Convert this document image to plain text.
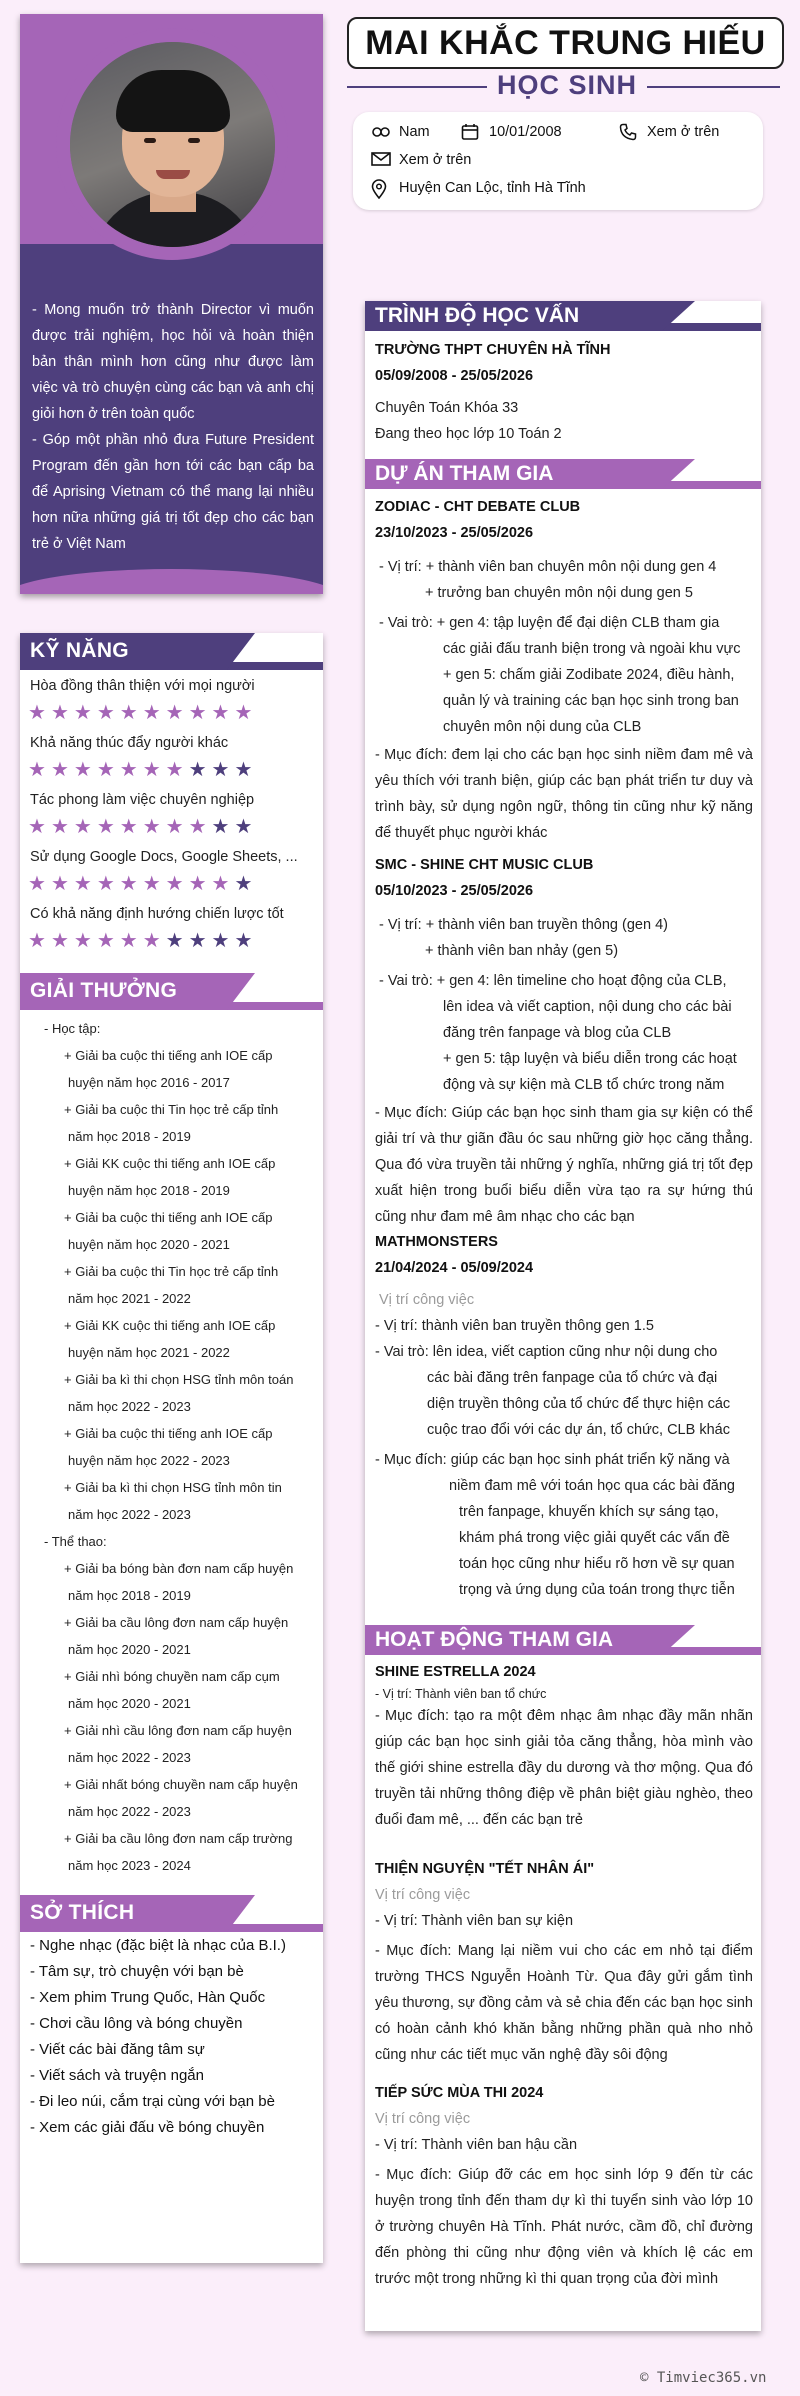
- Mong muốn trở thành Director vì muốn được trải nghiệm, học hỏi và hoàn thiện bản thân mình hơn cũng như được làm việc và trò chuyện cùng các bạn và anh chị giỏi hơn ở trên toàn quốc

- Góp một phần nhỏ đưa Future President Program đến gần hơn tới các bạn cấp ba để Aprising Vietnam có thể mang lại nhiều hơn nữa những giá trị tốt đẹp cho các bạn trẻ ở Việt Nam

KỸ NĂNG
Hòa đồng thân thiện với mọi người
★★★★★★★★★★
Khả năng thúc đẩy người khác
★★★★★★★★★★
Tác phong làm việc chuyên nghiệp
★★★★★★★★★★
Sử dụng Google Docs, Google Sheets, ...
★★★★★★★★★★
Có khả năng định hướng chiến lược tốt
★★★★★★★★★★
GIẢI THƯỞNG
- Học tập:
+ Giải ba cuộc thi tiếng anh IOE cấp
huyện năm học 2016 - 2017
+ Giải ba cuộc thi Tin học trẻ cấp tỉnh
năm học 2018 - 2019
+ Giải KK cuộc thi tiếng anh IOE cấp
huyện năm học 2018 - 2019
+ Giải ba cuộc thi tiếng anh IOE cấp
huyện năm học 2020 - 2021
+ Giải ba cuộc thi Tin học trẻ cấp tỉnh
năm học 2021 - 2022
+ Giải KK cuộc thi tiếng anh IOE cấp
huyện năm học 2021 - 2022
+ Giải ba kì thi chọn HSG tỉnh môn toán
năm học 2022 - 2023
+ Giải ba cuộc thi tiếng anh IOE cấp
huyện năm học 2022 - 2023
+ Giải ba kì thi chọn HSG tỉnh môn tin
năm học 2022 - 2023
- Thể thao:
+ Giải ba bóng bàn đơn nam cấp huyện
năm học 2018 - 2019
+ Giải ba cầu lông đơn nam cấp huyện
năm học 2020 - 2021
+ Giải nhì bóng chuyền nam cấp cụm
năm học 2020 - 2021
+ Giải nhì cầu lông đơn nam cấp huyện
năm học 2022 - 2023
+ Giải nhất bóng chuyền nam cấp huyện
năm học 2022 - 2023
+ Giải ba cầu lông đơn nam cấp trường
năm học 2023 - 2024
SỞ THÍCH
- Nghe nhạc (đặc biệt là nhạc của B.I.)
- Tâm sự, trò chuyện với bạn bè
- Xem phim Trung Quốc, Hàn Quốc
- Chơi cầu lông và bóng chuyền
- Viết các bài đăng tâm sự
- Viết sách và truyện ngắn
- Đi leo núi, cắm trại cùng với bạn bè
- Xem các giải đấu về bóng chuyền
MAI KHẮC TRUNG HIẾU
HỌC SINH
Nam	10/01/2008	Xem ở trên
Xem ở trên
Huyện Can Lộc, tỉnh Hà Tĩnh
TRÌNH ĐỘ HỌC VẤN

TRƯỜNG THPT CHUYÊN HÀ TĨNH

05/09/2008 - 25/05/2026

Chuyên Toán Khóa 33

Đang theo học lớp 10 Toán 2

DỰ ÁN THAM GIA

ZODIAC - CHT DEBATE CLUB

23/10/2023 - 25/05/2026

- Vị trí: + thành viên ban chuyên môn nội dung gen 4

+ trưởng ban chuyên môn nội dung gen 5

- Vai trò: + gen 4: tập luyện để đại diện CLB tham gia

các giải đấu tranh biện trong và ngoài khu vực

+ gen 5: chấm giải Zodibate 2024, điều hành,

quản lý và training các bạn học sinh trong ban

chuyên môn nội dung của CLB

- Mục đích: đem lại cho các bạn học sinh niềm đam mê và yêu thích với tranh biện, giúp các bạn phát triển tư duy và trình bày, sử dụng ngôn ngữ, thông tin cũng như kỹ năng để thuyết phục người khác

SMC - SHINE CHT MUSIC CLUB

05/10/2023 - 25/05/2026

- Vị trí: + thành viên ban truyền thông (gen 4)

+ thành viên ban nhảy (gen 5)

- Vai trò: + gen 4: lên timeline cho hoạt động của CLB,

lên idea và viết caption, nội dung cho các bài

đăng trên fanpage và blog của CLB

+ gen 5: tập luyện và biểu diễn trong các hoạt

động và sự kiện mà CLB tổ chức trong năm

- Mục đích: Giúp các bạn học sinh tham gia sự kiện có thể giải trí và thư giãn đầu óc sau những giờ học căng thẳng. Qua đó vừa truyền tải những ý nghĩa, những giá trị tốt đẹp xuất hiện trong buổi biểu diễn vừa tạo ra sự hứng thú cũng như đam mê âm nhạc cho các bạn

MATHMONSTERS

21/04/2024 - 05/09/2024

Vị trí công việc

- Vị trí: thành viên ban truyền thông gen 1.5

- Vai trò: lên idea, viết caption cũng như nội dung cho

các bài đăng trên fanpage của tổ chức và đại

diện truyền thông của tổ chức để thực hiện các

cuộc trao đổi với các dự án, tổ chức, CLB khác

- Mục đích: giúp các bạn học sinh phát triển kỹ năng và

niềm đam mê với toán học qua các bài đăng

trên fanpage, khuyến khích sự sáng tạo,

khám phá trong việc giải quyết các vấn đề

toán học cũng như hiểu rõ hơn về sự quan

trọng và ứng dụng của toán trong thực tiễn

HOẠT ĐỘNG THAM GIA

SHINE ESTRELLA 2024

- Vị trí: Thành viên ban tổ chức

- Mục đích: tạo ra một đêm nhạc âm nhạc đầy mãn nhãn giúp các bạn học sinh giải tỏa căng thẳng, hòa mình vào thế giới shine estrella đầy du dương và thơ mộng. Qua đó truyền tải những thông điệp về phân biệt giàu nghèo, theo đuổi đam mê, ... đến các bạn trẻ

THIỆN NGUYỆN "TẾT NHÂN ÁI"

Vị trí công việc

- Vị trí: Thành viên ban sự kiện

- Mục đích: Mang lại niềm vui cho các em nhỏ tại điểm trường THCS Nguyễn Hoành Từ. Qua đây gửi gắm tình yêu thương, sự đồng cảm và sẻ chia đến các bạn học sinh có hoàn cảnh khó khăn bằng những phần quà nho nhỏ cũng như các tiết mục văn nghệ đầy sôi động

TIẾP SỨC MÙA THI 2024

Vị trí công việc

- Vị trí: Thành viên ban hậu cần

- Mục đích: Giúp đỡ các em học sinh lớp 9 đến từ các huyện trong tỉnh đến tham dự kì thi tuyển sinh vào lớp 10 ở trường chuyên Hà Tĩnh. Phát nước, cầm đồ, chỉ đường đến phòng thi cũng như động viên và khích lệ các em trước một trong những kì thi quan trọng của đời mình

© Timviec365.vn
